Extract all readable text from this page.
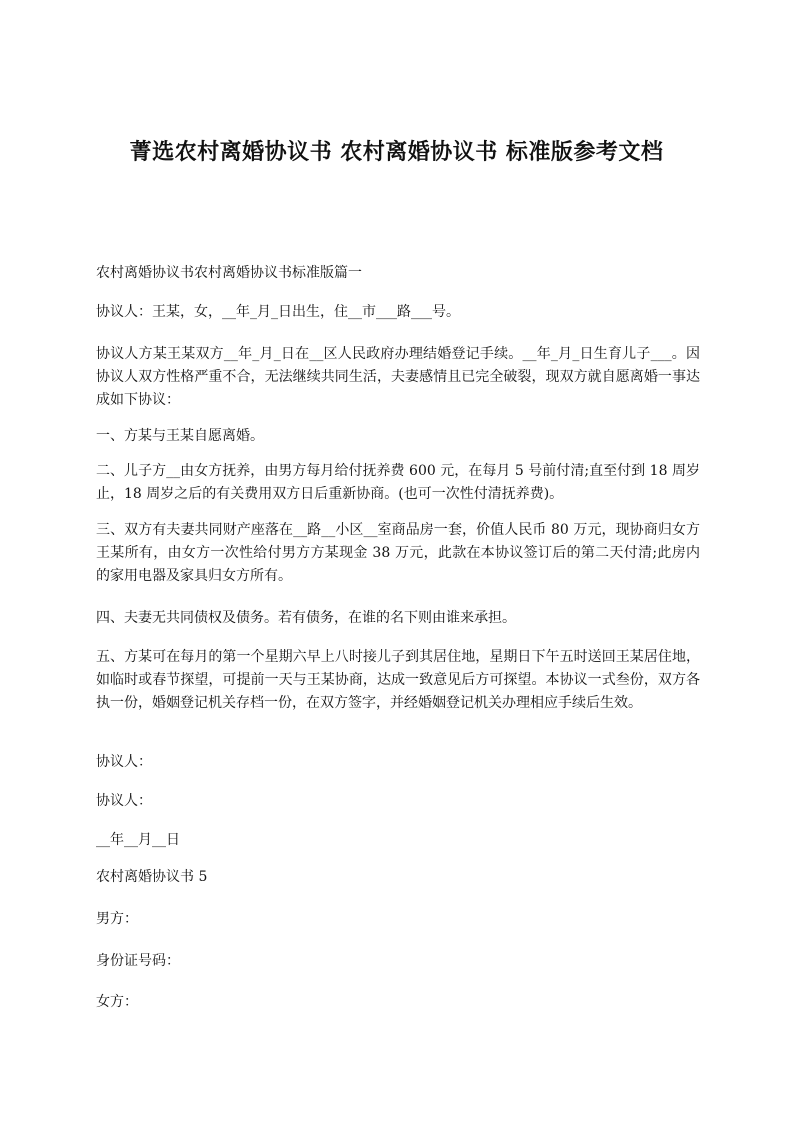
菁选农村离婚协议书 农村离婚协议书 标准版参考文档
农村离婚协议书农村离婚协议书标准版篇一
协议人：王某，女，__年_月_日出生，住__市___路___号。
协议人方某王某双方__年_月_日在__区人民政府办理结婚登记手续。__年_月_日生育儿子___。因协议人双方性格严重不合，无法继续共同生活，夫妻感情且已完全破裂，现双方就自愿离婚一事达成如下协议：
一、方某与王某自愿离婚。
二、儿子方__由女方抚养，由男方每月给付抚养费 600 元，在每月 5 号前付清;直至付到 18 周岁止，18 周岁之后的有关费用双方日后重新协商。(也可一次性付清抚养费)。
三、双方有夫妻共同财产座落在__路__小区__室商品房一套，价值人民币 80 万元，现协商归女方王某所有，由女方一次性给付男方方某现金 38 万元，此款在本协议签订后的第二天付清;此房内的家用电器及家具归女方所有。
四、夫妻无共同债权及债务。若有债务，在谁的名下则由谁来承担。
五、方某可在每月的第一个星期六早上八时接儿子到其居住地，星期日下午五时送回王某居住地，如临时或春节探望，可提前一天与王某协商，达成一致意见后方可探望。本协议一式叁份，双方各执一份，婚姻登记机关存档一份，在双方签字，并经婚姻登记机关办理相应手续后生效。
协议人：
协议人：
__年__月__日
农村离婚协议书 5
男方：
身份证号码：
女方：
